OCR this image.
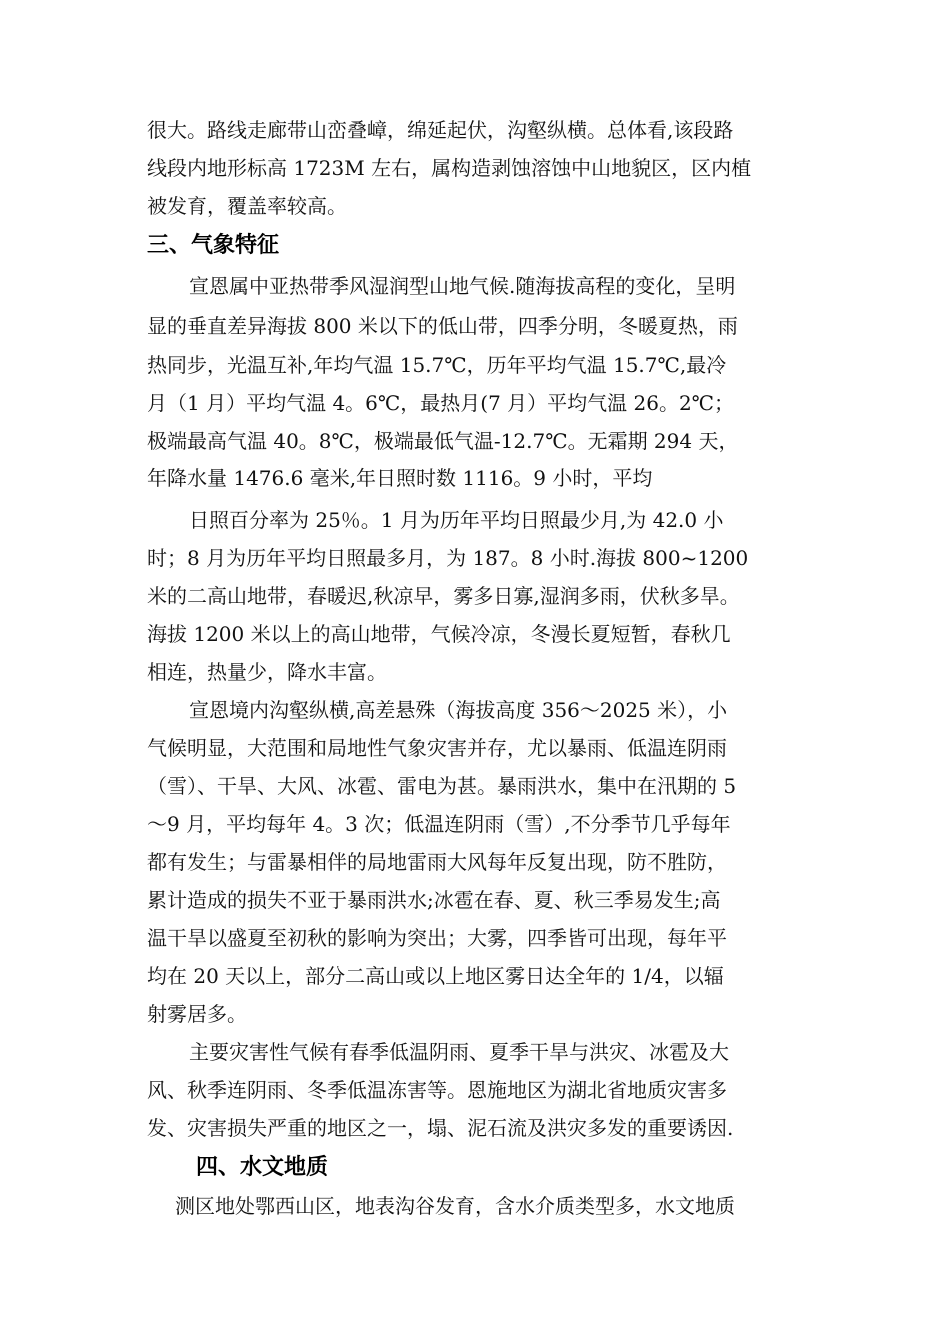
很大。路线走廊带山峦叠嶂，绵延起伏，沟壑纵横。总体看,该段路
线段内地形标高 1723M 左右，属构造剥蚀溶蚀中山地貌区，区内植
被发育，覆盖率较高。
三、气象特征
宣恩属中亚热带季风湿润型山地气候.随海拔高程的变化，呈明
显的垂直差异海拔 800 米以下的低山带，四季分明，冬暖夏热，雨
热同步，光温互补,年均气温 15.7℃，历年平均气温 15.7℃,最冷
月（1 月）平均气温 4。6℃，最热月(7 月）平均气温 26。2℃；
极端最高气温 40。8℃，极端最低气温-12.7℃。无霜期 294 天，
年降水量 1476.6 毫米,年日照时数 1116。9 小时，平均
日照百分率为 25％。1 月为历年平均日照最少月,为 42.0 小
时；8 月为历年平均日照最多月，为 187。8 小时.海拔 800~1200
米的二高山地带，春暖迟,秋凉早，雾多日寡,湿润多雨，伏秋多旱。
海拔 1200 米以上的高山地带，气候冷凉，冬漫长夏短暂，春秋几
相连，热量少，降水丰富。
宣恩境内沟壑纵横,高差悬殊（海拔高度 356～2025 米），小
气候明显，大范围和局地性气象灾害并存，尤以暴雨、低温连阴雨
（雪）、干旱、大风、冰雹、雷电为甚。暴雨洪水，集中在汛期的 5
～9 月，平均每年 4。3 次；低温连阴雨（雪）,不分季节几乎每年
都有发生；与雷暴相伴的局地雷雨大风每年反复出现，防不胜防，
累计造成的损失不亚于暴雨洪水;冰雹在春、夏、秋三季易发生;高
温干旱以盛夏至初秋的影响为突出；大雾，四季皆可出现，每年平
均在 20 天以上，部分二高山或以上地区雾日达全年的 1/4，以辐
射雾居多。
主要灾害性气候有春季低温阴雨、夏季干旱与洪灾、冰雹及大
风、秋季连阴雨、冬季低温冻害等。恩施地区为湖北省地质灾害多
发、灾害损失严重的地区之一，塌、泥石流及洪灾多发的重要诱因.
四、水文地质
测区地处鄂西山区，地表沟谷发育，含水介质类型多，水文地质
